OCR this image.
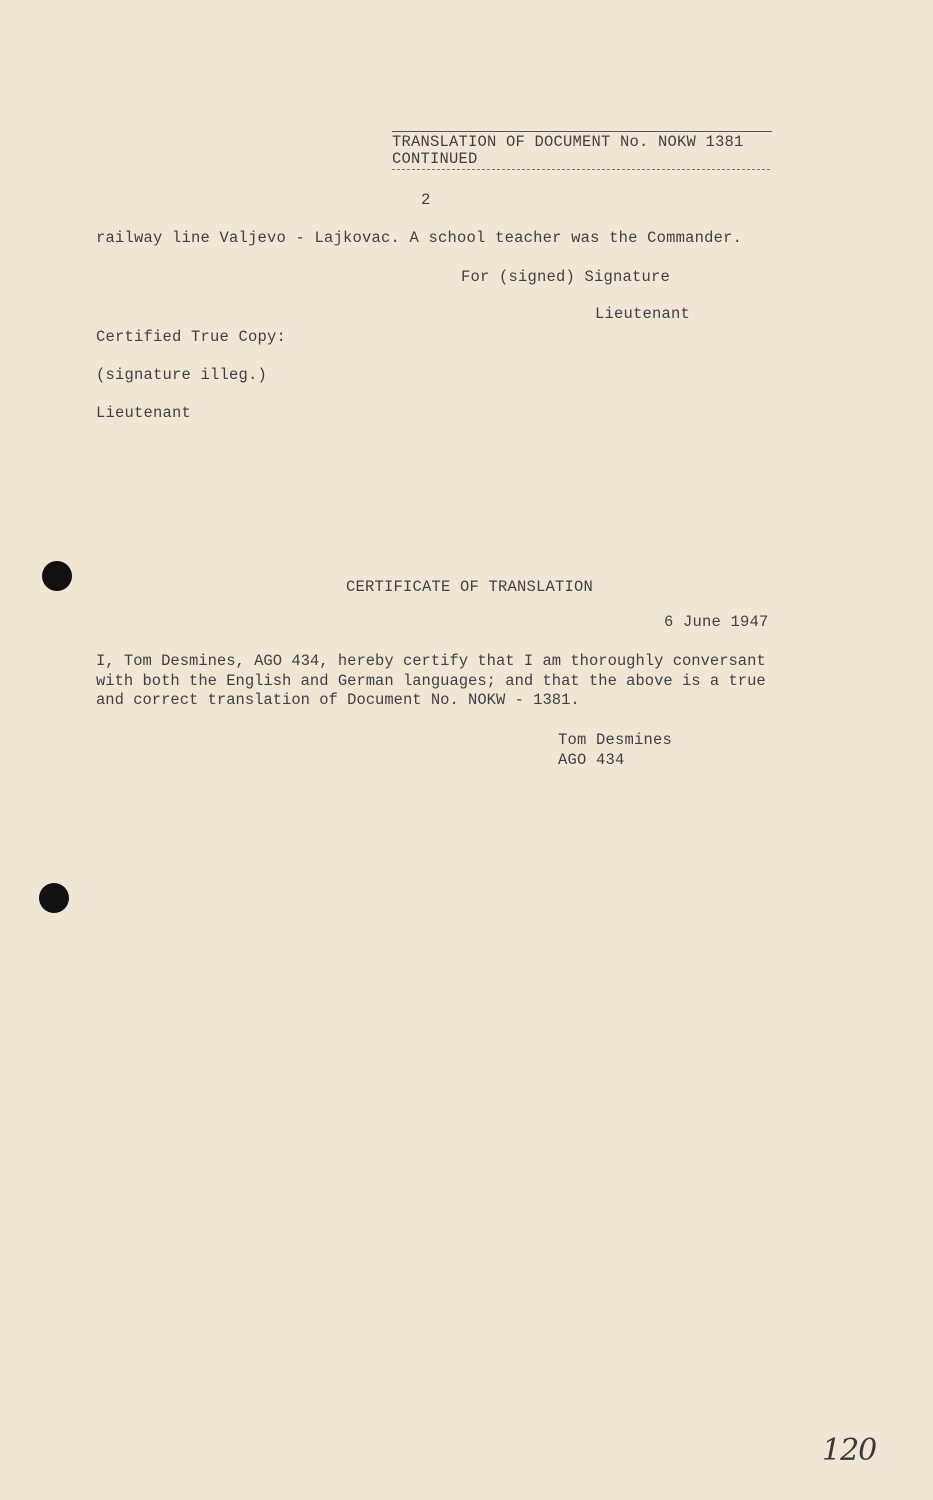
TRANSLATION OF DOCUMENT No. NOKW 1381
CONTINUED
2
railway line Valjevo - Lajkovac. A school teacher was the Commander.
For (signed) Signature
Lieutenant
Certified True Copy:
(signature illeg.)
Lieutenant
CERTIFICATE OF TRANSLATION
6 June 1947
I, Tom Desmines, AGO 434, hereby certify that I am thoroughly conversant
with both the English and German languages; and that the above is a true
and correct translation of Document No. NOKW - 1381.
Tom Desmines
AGO 434
120
